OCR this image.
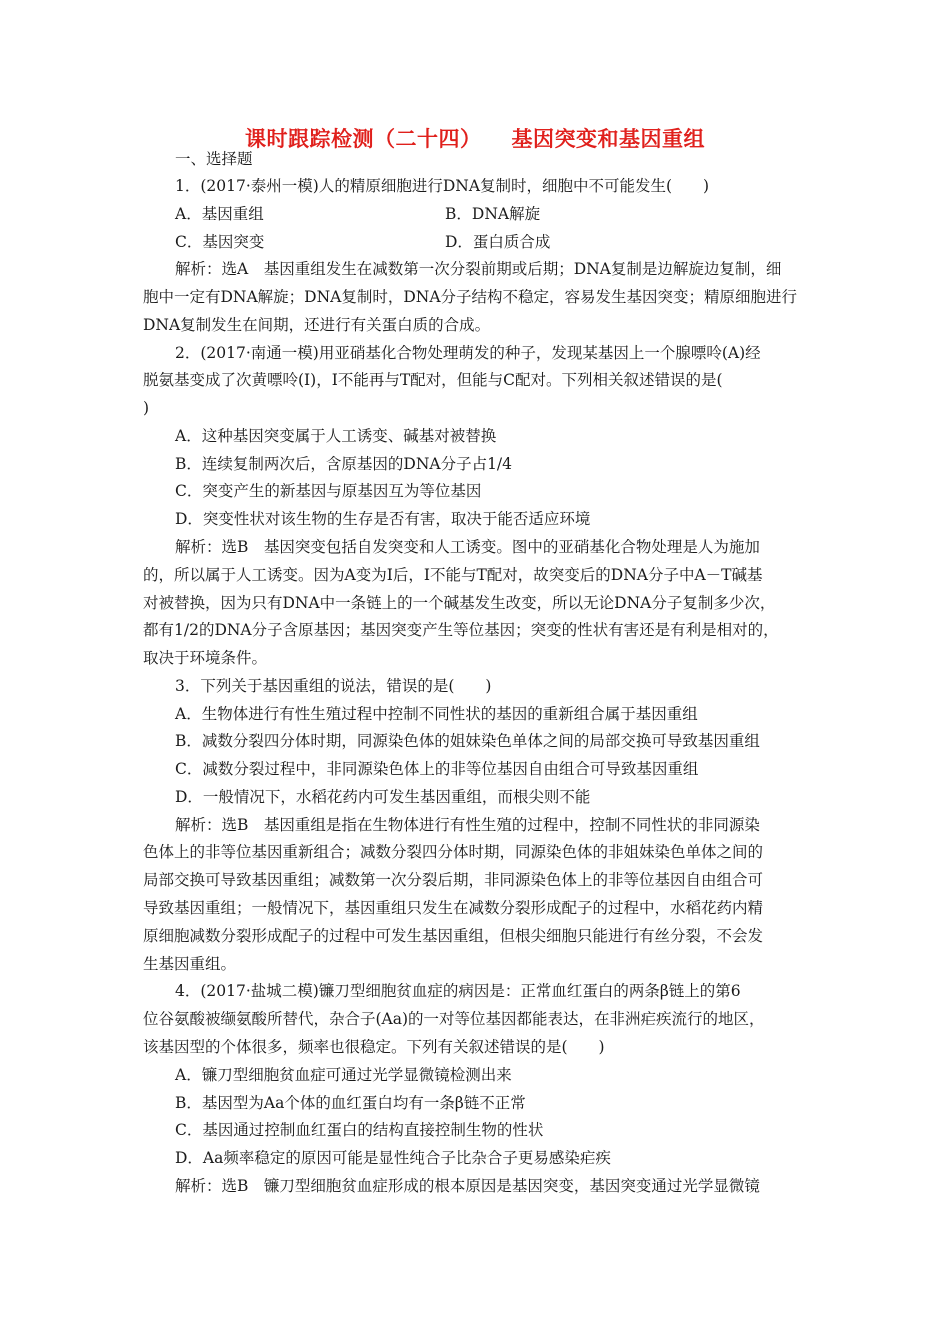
课时跟踪检测（二十四） 基因突变和基因重组
一、选择题
1．(2017·泰州一模)人的精原细胞进行DNA复制时，细胞中不可能发生(　　)
A．基因重组	B．DNA解旋
C．基因突变	D．蛋白质合成
解析：选A　基因重组发生在减数第一次分裂前期或后期；DNA复制是边解旋边复制，细
胞中一定有DNA解旋；DNA复制时，DNA分子结构不稳定，容易发生基因突变；精原细胞进行
DNA复制发生在间期，还进行有关蛋白质的合成。
2．(2017·南通一模)用亚硝基化合物处理萌发的种子，发现某基因上一个腺嘌呤(A)经
脱氨基变成了次黄嘌呤(I)，I不能再与T配对，但能与C配对。下列相关叙述错误的是(
)
A．这种基因突变属于人工诱变、碱基对被替换
B．连续复制两次后，含原基因的DNA分子占1/4
C．突变产生的新基因与原基因互为等位基因
D．突变性状对该生物的生存是否有害，取决于能否适应环境
解析：选B　基因突变包括自发突变和人工诱变。图中的亚硝基化合物处理是人为施加
的，所以属于人工诱变。因为A变为I后，I不能与T配对，故突变后的DNA分子中A－T碱基
对被替换，因为只有DNA中一条链上的一个碱基发生改变，所以无论DNA分子复制多少次，
都有1/2的DNA分子含原基因；基因突变产生等位基因；突变的性状有害还是有利是相对的，
取决于环境条件。
3．下列关于基因重组的说法，错误的是(　　)
A．生物体进行有性生殖过程中控制不同性状的基因的重新组合属于基因重组
B．减数分裂四分体时期，同源染色体的姐妹染色单体之间的局部交换可导致基因重组
C．减数分裂过程中，非同源染色体上的非等位基因自由组合可导致基因重组
D．一般情况下，水稻花药内可发生基因重组，而根尖则不能
解析：选B　基因重组是指在生物体进行有性生殖的过程中，控制不同性状的非同源染
色体上的非等位基因重新组合；减数分裂四分体时期，同源染色体的非姐妹染色单体之间的
局部交换可导致基因重组；减数第一次分裂后期，非同源染色体上的非等位基因自由组合可
导致基因重组；一般情况下，基因重组只发生在减数分裂形成配子的过程中，水稻花药内精
原细胞减数分裂形成配子的过程中可发生基因重组，但根尖细胞只能进行有丝分裂，不会发
生基因重组。
4．(2017·盐城二模)镰刀型细胞贫血症的病因是：正常血红蛋白的两条β链上的第6
位谷氨酸被缬氨酸所替代，杂合子(Aa)的一对等位基因都能表达，在非洲疟疾流行的地区，
该基因型的个体很多，频率也很稳定。下列有关叙述错误的是(　　)
A．镰刀型细胞贫血症可通过光学显微镜检测出来
B．基因型为Aa个体的血红蛋白均有一条β链不正常
C．基因通过控制血红蛋白的结构直接控制生物的性状
D．Aa频率稳定的原因可能是显性纯合子比杂合子更易感染疟疾
解析：选B　镰刀型细胞贫血症形成的根本原因是基因突变，基因突变通过光学显微镜
